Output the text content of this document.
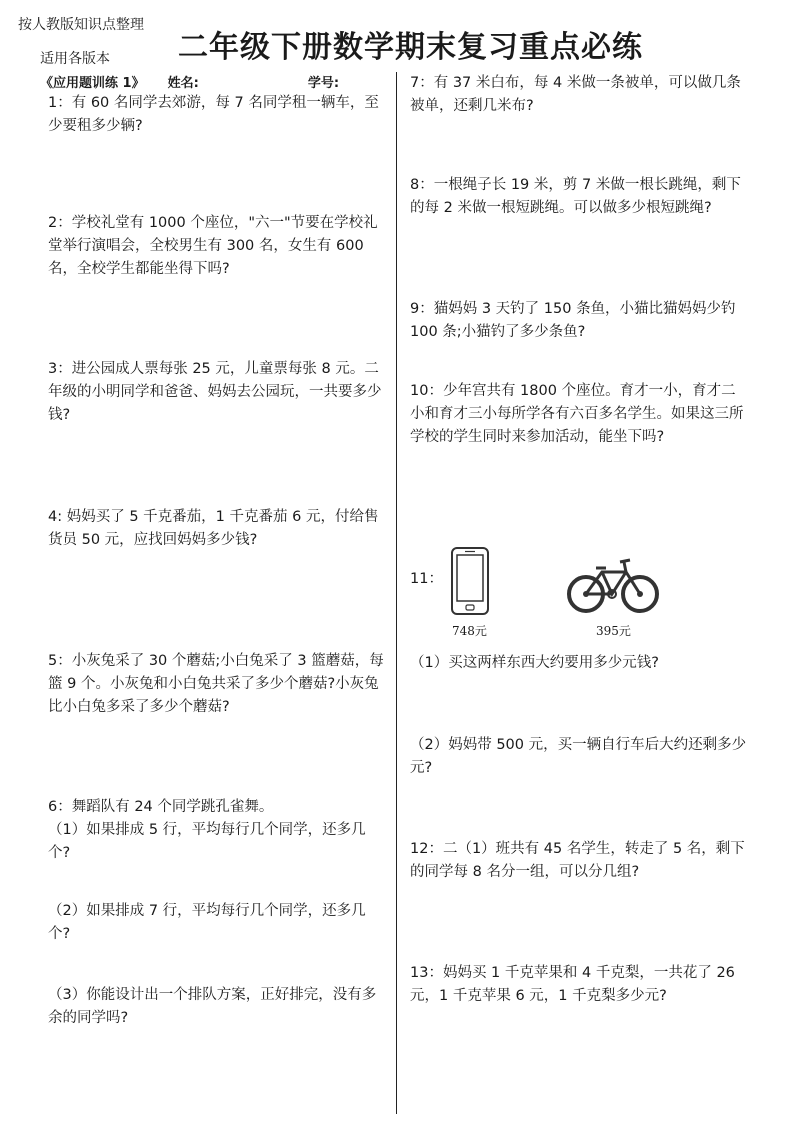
按人教版知识点整理
适用各版本 二年级下册数学期末复习重点必练
《应用题训练 1》 姓名:	学号:
1：有 60 名同学去郊游，每 7 名同学租一辆车，至少要租多少辆?
2：学校礼堂有 1000 个座位，"六一"节要在学校礼堂举行演唱会，全校男生有 300 名，女生有 600 名，全校学生都能坐得下吗?
3：进公园成人票每张 25 元，儿童票每张 8 元。二年级的小明同学和爸爸、妈妈去公园玩，一共要多少钱?
4: 妈妈买了 5 千克番茄，1 千克番茄 6 元，付给售货员 50 元，应找回妈妈多少钱?
5：小灰兔采了 30 个蘑菇;小白兔采了 3 篮蘑菇，每篮 9 个。小灰兔和小白兔共采了多少个蘑菇?小灰兔比小白兔多采了多少个蘑菇?
6：舞蹈队有 24 个同学跳孔雀舞。
（1）如果排成 5 行，平均每行几个同学，还多几个?
（2）如果排成 7 行，平均每行几个同学，还多几个?
（3）你能设计出一个排队方案，正好排完，没有多余的同学吗?
7：有 37 米白布，每 4 米做一条被单，可以做几条被单，还剩几米布?
8：一根绳子长 19 米，剪 7 米做一根长跳绳，剩下的每 2 米做一根短跳绳。可以做多少根短跳绳?
9：猫妈妈 3 天钓了 150 条鱼，小猫比猫妈妈少钓 100 条;小猫钓了多少条鱼?
10：少年宫共有 1800 个座位。育才一小，育才二小和育才三小每所学各有六百多名学生。如果这三所学校的学生同时来参加活动，能坐下吗?
11：
748元	395元
（1）买这两样东西大约要用多少元钱?
（2）妈妈带 500 元，买一辆自行车后大约还剩多少元?
12：二（1）班共有 45 名学生，转走了 5 名，剩下的同学每 8 名分一组，可以分几组?
13：妈妈买 1 千克苹果和 4 千克梨，一共花了 26 元，1 千克苹果 6 元，1 千克梨多少元?
